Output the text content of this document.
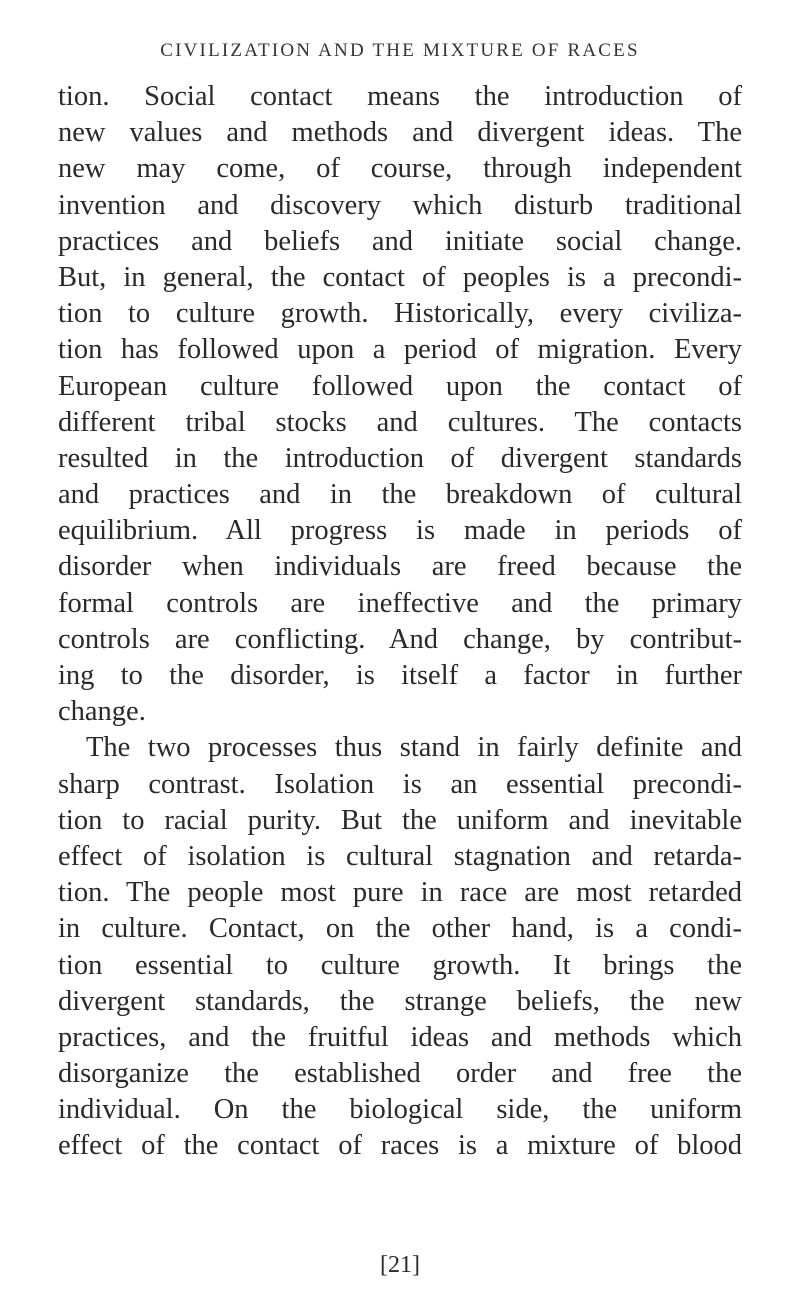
CIVILIZATION AND THE MIXTURE OF RACES
tion. Social contact means the introduction of
new values and methods and divergent ideas. The
new may come, of course, through independent
invention and discovery which disturb traditional
practices and beliefs and initiate social change.
But, in general, the contact of peoples is a precondi-
tion to culture growth. Historically, every civiliza-
tion has followed upon a period of migration. Every
European culture followed upon the contact of
different tribal stocks and cultures. The contacts
resulted in the introduction of divergent standards
and practices and in the breakdown of cultural
equilibrium. All progress is made in periods of
disorder when individuals are freed because the
formal controls are ineffective and the primary
controls are conflicting. And change, by contribut-
ing to the disorder, is itself a factor in further
change.
The two processes thus stand in fairly definite and
sharp contrast. Isolation is an essential precondi-
tion to racial purity. But the uniform and inevitable
effect of isolation is cultural stagnation and retarda-
tion. The people most pure in race are most retarded
in culture. Contact, on the other hand, is a condi-
tion essential to culture growth. It brings the
divergent standards, the strange beliefs, the new
practices, and the fruitful ideas and methods which
disorganize the established order and free the
individual. On the biological side, the uniform
effect of the contact of races is a mixture of blood
[21]
